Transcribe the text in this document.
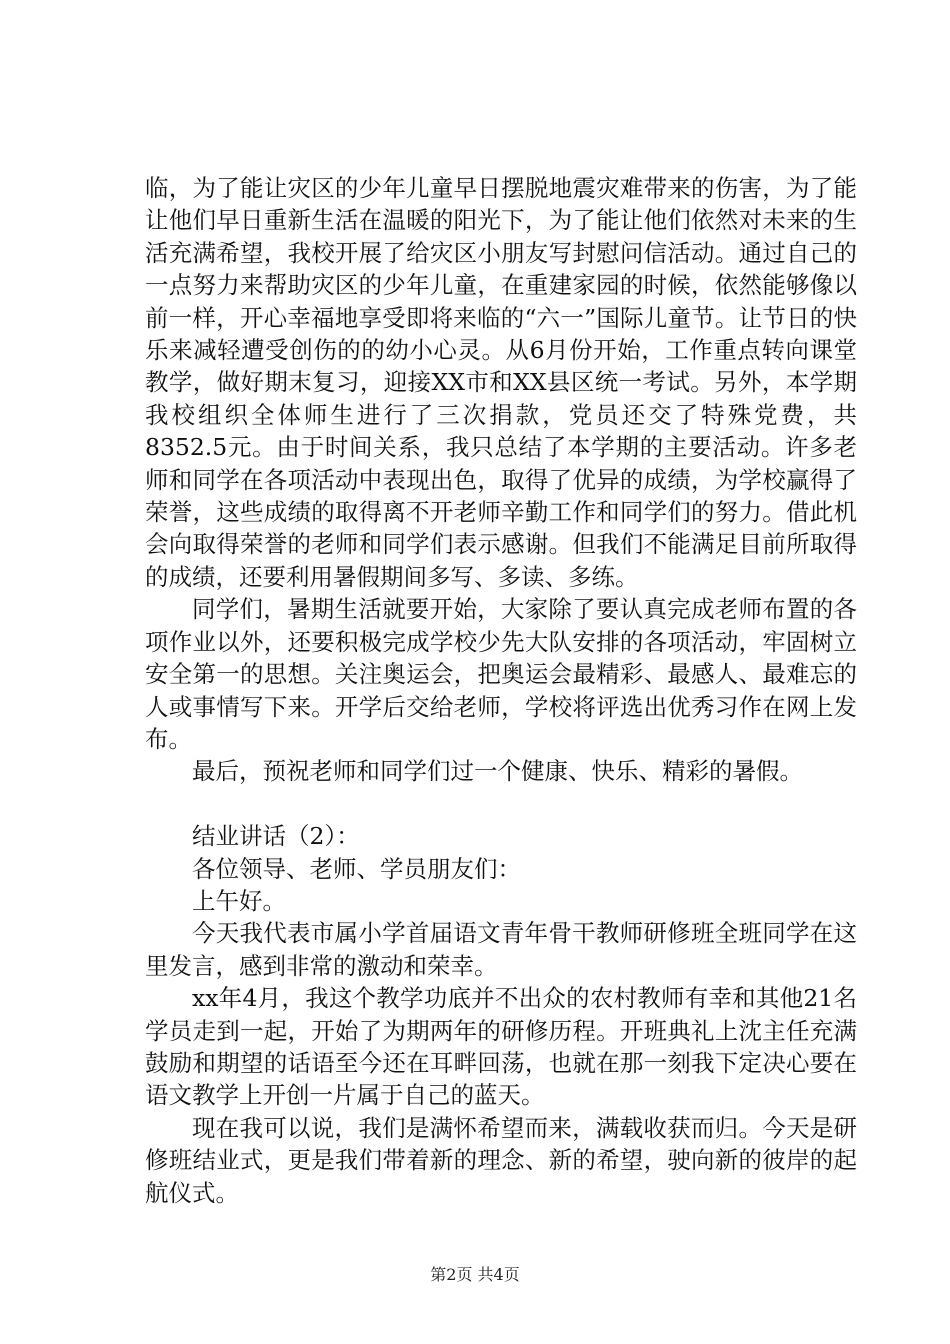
临，为了能让灾区的少年儿童早日摆脱地震灾难带来的伤害，为了能让他们早日重新生活在温暖的阳光下，为了能让他们依然对未来的生活充满希望，我校开展了给灾区小朋友写封慰问信活动。通过自己的一点努力来帮助灾区的少年儿童，在重建家园的时候，依然能够像以前一样，开心幸福地享受即将来临的“六一”国际儿童节。让节日的快乐来减轻遭受创伤的的幼小心灵。从6月份开始，工作重点转向课堂教学，做好期末复习，迎接XX市和XX县区统一考试。另外，本学期我校组织全体师生进行了三次捐款，党员还交了特殊党费，共8352.5元。由于时间关系，我只总结了本学期的主要活动。许多老师和同学在各项活动中表现出色，取得了优异的成绩，为学校赢得了荣誉，这些成绩的取得离不开老师辛勤工作和同学们的努力。借此机会向取得荣誉的老师和同学们表示感谢。但我们不能满足目前所取得的成绩，还要利用暑假期间多写、多读、多练。

同学们，暑期生活就要开始，大家除了要认真完成老师布置的各项作业以外，还要积极完成学校少先大队安排的各项活动，牢固树立安全第一的思想。关注奥运会，把奥运会最精彩、最感人、最难忘的人或事情写下来。开学后交给老师，学校将评选出优秀习作在网上发布。

最后，预祝老师和同学们过一个健康、快乐、精彩的暑假。

结业讲话（2）：

各位领导、老师、学员朋友们：

上午好。

今天我代表市属小学首届语文青年骨干教师研修班全班同学在这里发言，感到非常的激动和荣幸。

xx年4月，我这个教学功底并不出众的农村教师有幸和其他21名学员走到一起，开始了为期两年的研修历程。开班典礼上沈主任充满鼓励和期望的话语至今还在耳畔回荡，也就在那一刻我下定决心要在语文教学上开创一片属于自己的蓝天。

现在我可以说，我们是满怀希望而来，满载收获而归。今天是研修班结业式，更是我们带着新的理念、新的希望，驶向新的彼岸的起航仪式。

第2页 共4页
